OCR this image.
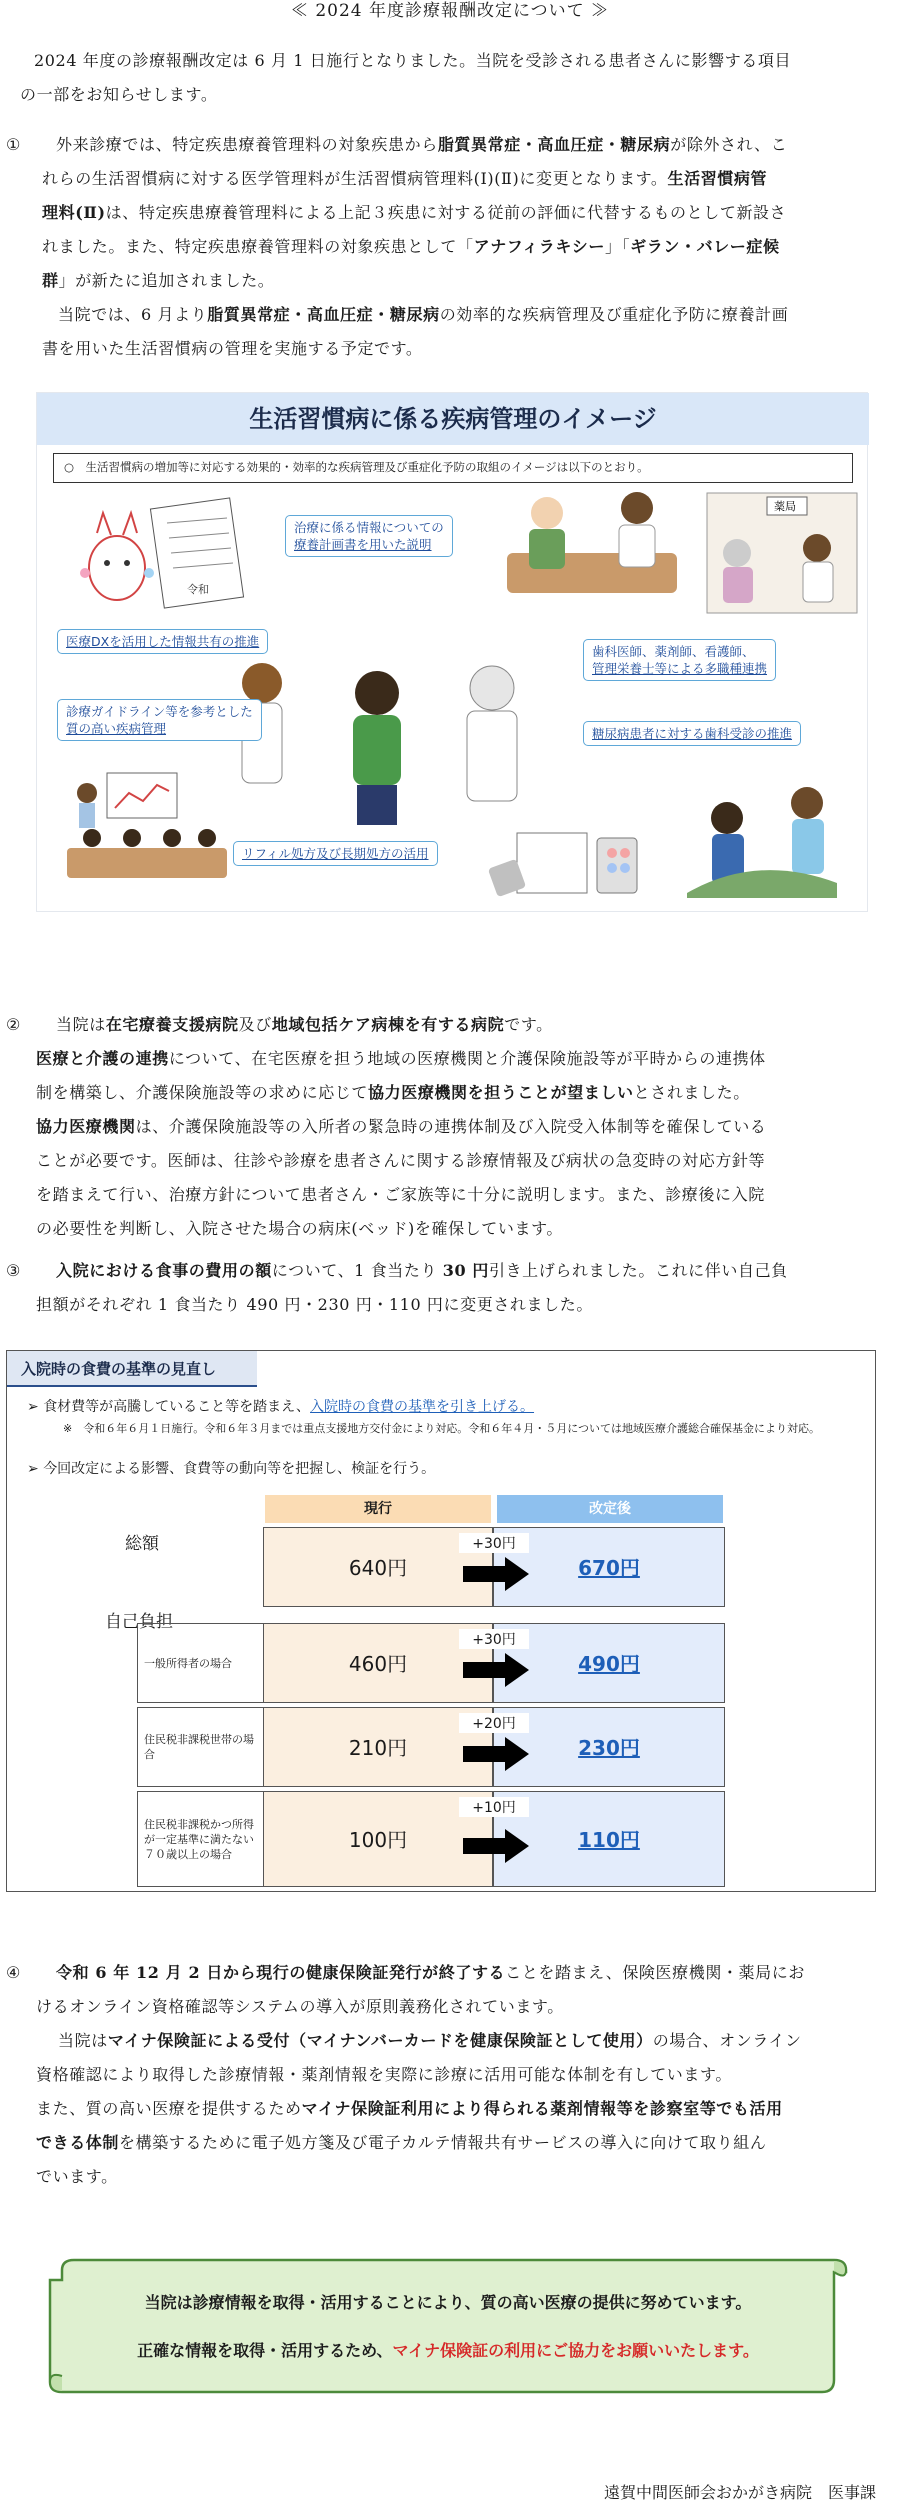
≪ 2024 年度診療報酬改定について ≫
2024 年度の診療報酬改定は 6 月 1 日施行となりました。当院を受診される患者さんに影響する項目
の一部をお知らせします。
① 外来診療では、特定疾患療養管理料の対象疾患から脂質異常症・高血圧症・糖尿病が除外され、こ
れらの生活習慣病に対する医学管理料が生活習慣病管理料(Ⅰ)(Ⅱ)に変更となります。生活習慣病管
理料(Ⅱ)は、特定疾患療養管理料による上記３疾患に対する従前の評価に代替するものとして新設さ
れました。また、特定疾患療養管理料の対象疾患として「アナフィラキシー」「ギラン・バレー症候
群」が新たに追加されました。
当院では、6 月より脂質異常症・高血圧症・糖尿病の効率的な疾病管理及び重症化予防に療養計画
書を用いた生活習慣病の管理を実施する予定です。
生活習慣病に係る疾病管理のイメージ
○　生活習慣病の増加等に対応する効果的・効率的な疾病管理及び重症化予防の取組のイメージは以下のとおり。
令和
薬局
治療に係る情報についての
療養計画書を用いた説明
医療DXを活用した情報共有の推進
歯科医師、薬剤師、看護師、
管理栄養士等による多職種連携
診療ガイドライン等を参考とした
質の高い疾病管理	糖尿病患者に対する歯科受診の推進
リフィル処方及び長期処方の活用
② 当院は在宅療養支援病院及び地域包括ケア病棟を有する病院です。
医療と介護の連携について、在宅医療を担う地域の医療機関と介護保険施設等が平時からの連携体
制を構築し、介護保険施設等の求めに応じて協力医療機関を担うことが望ましいとされました。
協力医療機関は、介護保険施設等の入所者の緊急時の連携体制及び入院受入体制等を確保している
ことが必要です。医師は、往診や診療を患者さんに関する診療情報及び病状の急変時の対応方針等
を踏まえて行い、治療方針について患者さん・ご家族等に十分に説明します。また、診療後に入院
の必要性を判断し、入院させた場合の病床(ベッド)を確保しています。
③ 入院における食事の費用の額について、1 食当たり 30 円引き上げられました。これに伴い自己負
担額がそれぞれ 1 食当たり 490 円・230 円・110 円に変更されました。
入院時の食費の基準の見直し
➢ 食材費等が高騰していること等を踏まえ、入院時の食費の基準を引き上げる。
※　令和６年６月１日施行。令和６年３月までは重点支援地方交付金により対応。令和６年４月・５月については地域医療介護総合確保基金により対応。
➢ 今回改定による影響、食費等の動向等を把握し、検証を行う。
現行	改定後
総額
自己負担
640円	670円
+30円
一般所得者の場合	460円	490円
+30円
住民税非課税世帯の場合	210円	230円
+20円
住民税非課税かつ所得が一定基準に満たない７０歳以上の場合
100円	110円
+10円
④ 令和 6 年 12 月 2 日から現行の健康保険証発行が終了することを踏まえ、保険医療機関・薬局にお
けるオンライン資格確認等システムの導入が原則義務化されています。
当院はマイナ保険証による受付（マイナンバーカードを健康保険証として使用）の場合、オンライン
資格確認により取得した診療情報・薬剤情報を実際に診療に活用可能な体制を有しています。
また、質の高い医療を提供するためマイナ保険証利用により得られる薬剤情報等を診察室等でも活用
できる体制を構築するために電子処方箋及び電子カルテ情報共有サービスの導入に向けて取り組ん
でいます。
当院は診療情報を取得・活用することにより、質の高い医療の提供に努めています。
正確な情報を取得・活用するため、マイナ保険証の利用にご協力をお願いいたします。
遠賀中間医師会おかがき病院　医事課
